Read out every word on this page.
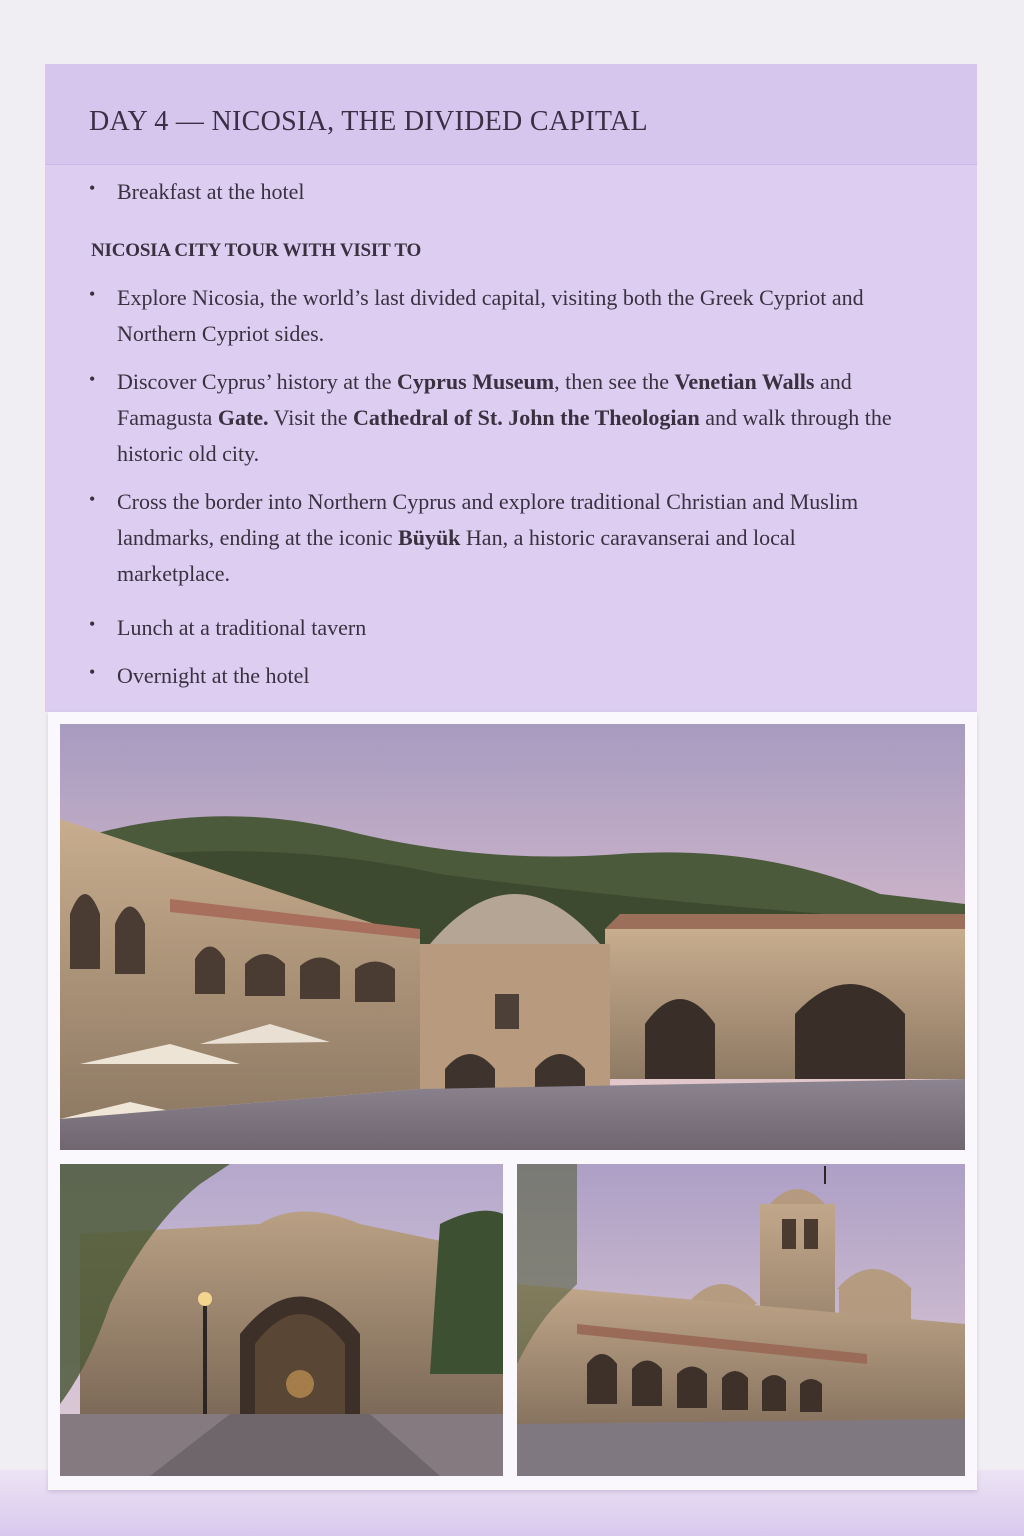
DAY 4 — NICOSIA, THE DIVIDED CAPITAL
• Breakfast at the hotel
NICOSIA CITY TOUR WITH VISIT TO
• Explore Nicosia, the world’s last divided capital, visiting both the Greek Cypriot and Northern Cypriot sides.
• Discover Cyprus’ history at the Cyprus Museum, then see the Venetian Walls and Famagusta Gate. Visit the Cathedral of St. John the Theologian and walk through the historic old city.
• Cross the border into Northern Cyprus and explore traditional Christian and Muslim landmarks, ending at the iconic Büyük Han, a historic caravanserai and local marketplace.
• Lunch at a traditional tavern
• Overnight at the hotel
